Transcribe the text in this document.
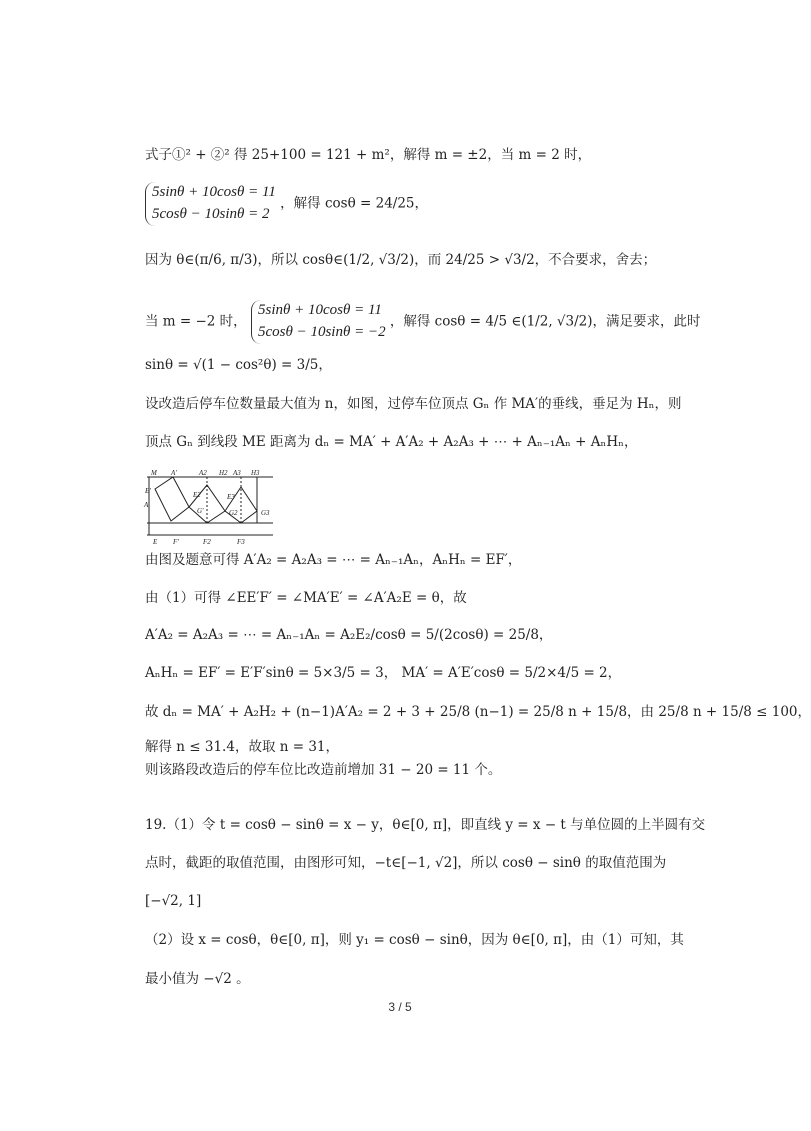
式子①² + ②² 得 25+100 = 121 + m²，解得 m = ±2，当 m = 2 时，
5sinθ + 10cosθ = 11
5cosθ − 10sinθ = 2
，解得 cosθ = 24/25，
因为 θ∈(π/6, π/3)，所以 cosθ∈(1/2, √3/2)，而 24/25 > √3/2，不合要求，舍去；
当 m = −2 时，
5sinθ + 10cosθ = 11
5cosθ − 10sinθ = −2
，解得 cosθ = 4/5 ∈(1/2, √3/2)，满足要求，此时
sinθ = √(1 − cos²θ) = 3/5，
设改造后停车位数量最大值为 n，如图，过停车位顶点 Gₙ 作 MA′的垂线，垂足为 Hₙ，则
顶点 Gₙ 到线段 ME 距离为 dₙ = MA′ + A′A₂ + A₂A₃ + ⋯ + Aₙ₋₁Aₙ + AₙHₙ，
M A'	A2 H2 A3 H3
E'	E2	E3
A
G'	G2	G3
E F'	F2	F3
由图及题意可得 A′A₂ = A₂A₃ = ⋯ = Aₙ₋₁Aₙ，AₙHₙ = EF′，
由（1）可得 ∠EE′F′ = ∠MA′E′ = ∠A′A₂E = θ，故
A′A₂ = A₂A₃ = ⋯ = Aₙ₋₁Aₙ = A₂E₂/cosθ = 5/(2cosθ) = 25/8，
AₙHₙ = EF′ = E′F′sinθ = 5×3/5 = 3， MA′ = A′E′cosθ = 5/2×4/5 = 2，
故 dₙ = MA′ + A₂H₂ + (n−1)A′A₂ = 2 + 3 + 25/8 (n−1) = 25/8 n + 15/8，由 25/8 n + 15/8 ≤ 100，
解得 n ≤ 31.4，故取 n = 31，
则该路段改造后的停车位比改造前增加 31 − 20 = 11 个。
19.（1）令 t = cosθ − sinθ = x − y，θ∈[0, π]，即直线 y = x − t 与单位圆的上半圆有交
点时，截距的取值范围，由图形可知，−t∈[−1, √2]，所以 cosθ − sinθ 的取值范围为
[−√2, 1]
（2）设 x = cosθ，θ∈[0, π]，则 y₁ = cosθ − sinθ，因为 θ∈[0, π]，由（1）可知，其
最小值为 −√2 。
3 / 5
